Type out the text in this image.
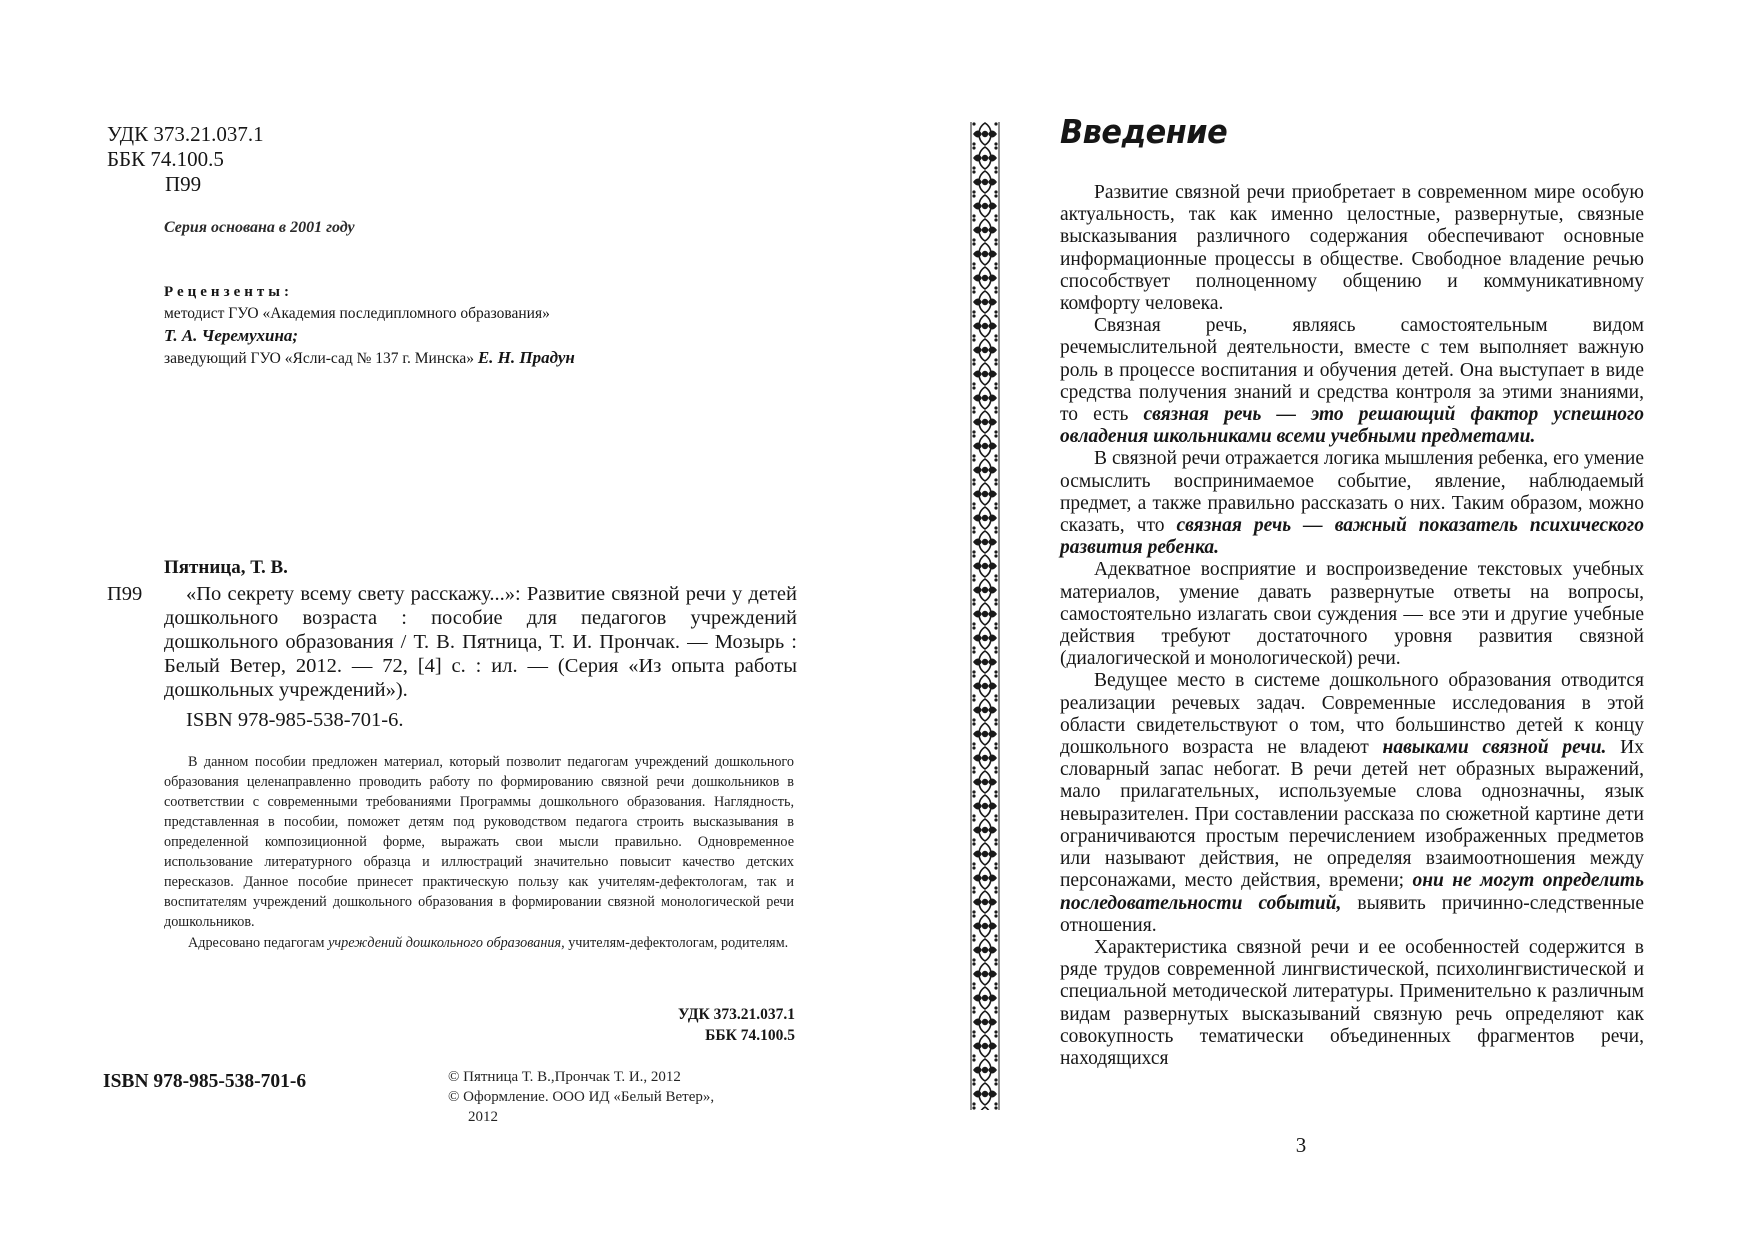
УДК 373.21.037.1
ББК 74.100.5
П99
Серия основана в 2001 году
Рецензенты:
методист ГУО «Академия последипломного образования»
Т. А. Черемухина;
заведующий ГУО «Ясли-сад № 137 г. Минска» Е. Н. Прадун
Пятница, Т. В.
П99	«По секрету всему свету расскажу...»: Развитие связной речи у детей дошкольного возраста : пособие для педагогов учреждений дошкольного образования / Т. В. Пятница, Т. И. Прончак. — Мозырь : Белый Ветер, 2012. — 72, [4] с. : ил. — (Серия «Из опыта работы дошкольных учреждений»).
ISBN 978-985-538-701-6.

В данном пособии предложен материал, который позволит педагогам учреждений дошкольного образования целенаправленно проводить работу по формированию связной речи дошкольников в соответствии с современными требованиями Программы дошкольного образования. Наглядность, представленная в пособии, поможет детям под руководством педагога строить высказывания в определенной композиционной форме, выражать свои мысли правильно. Одновременное использование литературного образца и иллюстраций значительно повысит качество детских пересказов. Данное пособие принесет практическую пользу как учителям-дефектологам, так и воспитателям учреждений дошкольного образования в формировании связной монологической речи дошкольников.

Адресовано педагогам учреждений дошкольного образования, учителям-дефектологам, родителям.

УДК 373.21.037.1
ББК 74.100.5
ISBN 978-985-538-701-6	© Пятница Т. В.,Прончак Т. И., 2012
© Оформление. ООО ИД «Белый Ветер»,
2012
Введение

Развитие связной речи приобретает в современном мире особую актуальность, так как именно целостные, развернутые, связные высказывания различного содержания обеспечивают основные информационные процессы в обществе. Свободное владение речью способствует полноценному общению и коммуникативному комфорту человека.

Связная речь, являясь самостоятельным видом речемыслительной деятельности, вместе с тем выполняет важную роль в процессе воспитания и обучения детей. Она выступает в виде средства получения знаний и средства контроля за этими знаниями, то есть связная речь — это решающий фактор успешного овладения школьниками всеми учебными предметами.

В связной речи отражается логика мышления ребенка, его умение осмыслить воспринимаемое событие, явление, наблюдаемый предмет, а также правильно рассказать о них. Таким образом, можно сказать, что связная речь — важный показатель психического развития ребенка.

Адекватное восприятие и воспроизведение текстовых учебных материалов, умение давать развернутые ответы на вопросы, самостоятельно излагать свои суждения — все эти и другие учебные действия требуют достаточного уровня развития связной (диалогической и монологической) речи.

Ведущее место в системе дошкольного образования отводится реализации речевых задач. Современные исследования в этой области свидетельствуют о том, что большинство детей к концу дошкольного возраста не владеют навыками связной речи. Их словарный запас небогат. В речи детей нет образных выражений, мало прилагательных, используемые слова однозначны, язык невыразителен. При составлении рассказа по сюжетной картине дети ограничиваются простым перечислением изображенных предметов или называют действия, не определяя взаимоотношения между персонажами, место действия, времени; они не могут определить последовательности событий, выявить причинно-следственные отношения.

Характеристика связной речи и ее особенностей содержится в ряде трудов современной лингвистической, психолингвистической и специальной методической литературы. Применительно к различным видам развернутых высказываний связную речь определяют как совокупность тематически объединенных фрагментов речи, находящихся

3
